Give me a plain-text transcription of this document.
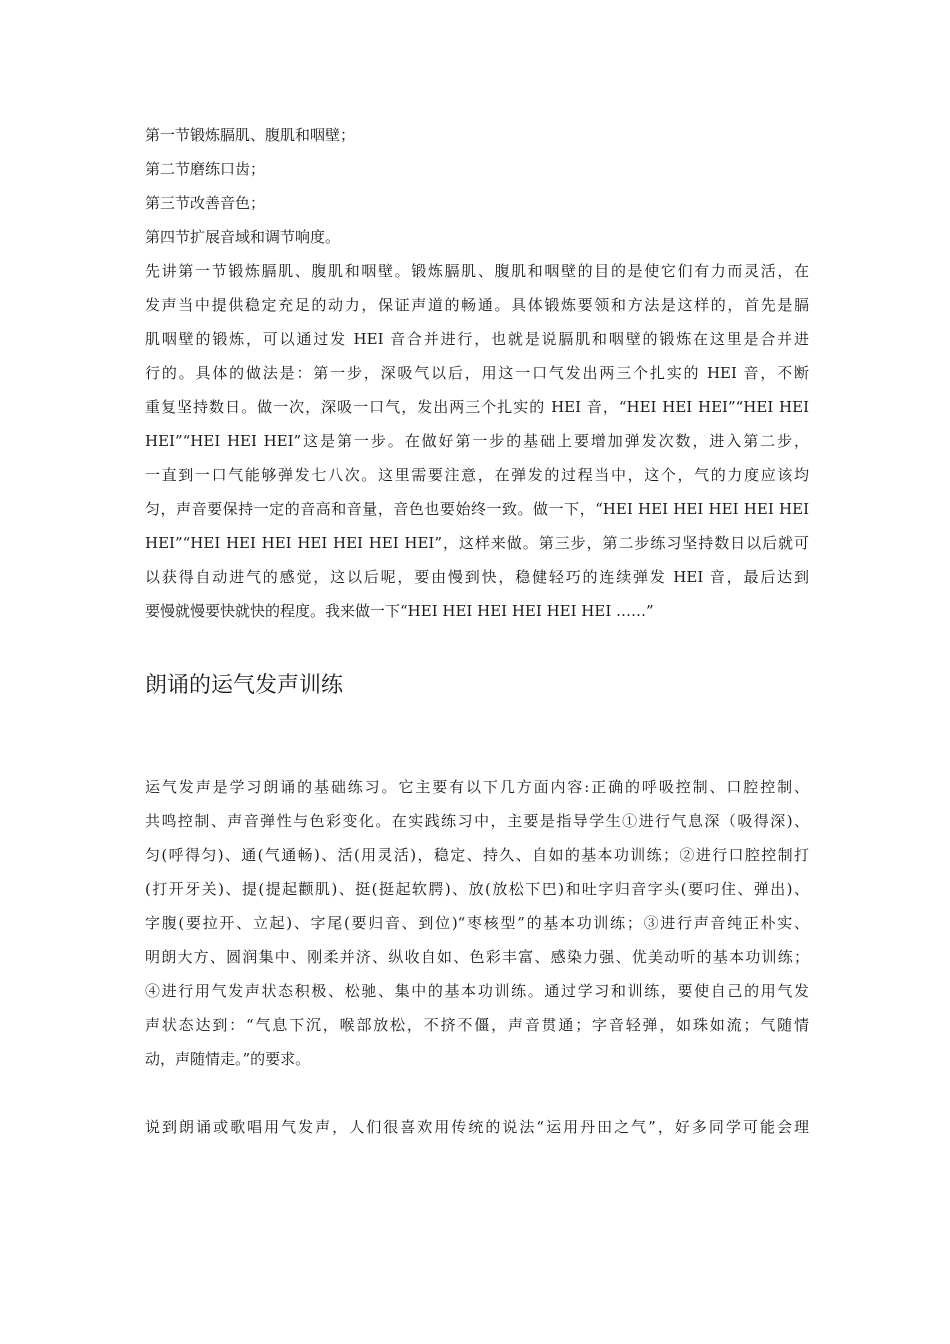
第一节锻炼膈肌、腹肌和咽壁；
第二节磨练口齿；
第三节改善音色；
第四节扩展音域和调节响度。
先讲第一节锻炼膈肌、腹肌和咽壁。锻炼膈肌、腹肌和咽壁的目的是使它们有力而灵活，在
发声当中提供稳定充足的动力，保证声道的畅通。具体锻炼要领和方法是这样的，首先是膈
肌咽壁的锻炼，可以通过发 HEI 音合并进行，也就是说膈肌和咽壁的锻炼在这里是合并进
行的。具体的做法是：第一步，深吸气以后，用这一口气发出两三个扎实的 HEI 音，不断
重复坚持数日。做一次，深吸一口气，发出两三个扎实的 HEI 音，“HEI HEI HEI”“HEI HEI
HEI”“HEI HEI HEI”这是第一步。在做好第一步的基础上要增加弹发次数，进入第二步，
一直到一口气能够弹发七八次。这里需要注意，在弹发的过程当中，这个，气的力度应该均
匀，声音要保持一定的音高和音量，音色也要始终一致。做一下，“HEI HEI HEI HEI HEI HEI
HEI”“HEI HEI HEI HEI HEI HEI HEI”，这样来做。第三步，第二步练习坚持数日以后就可
以获得自动进气的感觉，这以后呢，要由慢到快，稳健轻巧的连续弹发 HEI 音，最后达到
要慢就慢要快就快的程度。我来做一下“HEI HEI HEI HEI HEI HEI ……”
朗诵的运气发声训练
运气发声是学习朗诵的基础练习。它主要有以下几方面内容:正确的呼吸控制、口腔控制、
共鸣控制、声音弹性与色彩变化。在实践练习中，主要是指导学生①进行气息深（吸得深)、
匀(呼得匀)、通(气通畅)、活(用灵活)，稳定、持久、自如的基本功训练；②进行口腔控制打
(打开牙关)、提(提起颧肌)、挺(挺起软腭)、放(放松下巴)和吐字归音字头(要叼住、弹出)、
字腹(要拉开、立起)、字尾(要归音、到位)“枣核型”的基本功训练；③进行声音纯正朴实、
明朗大方、圆润集中、刚柔并济、纵收自如、色彩丰富、感染力强、优美动听的基本功训练；
④进行用气发声状态积极、松驰、集中的基本功训练。通过学习和训练，要使自己的用气发
声状态达到：“气息下沉，喉部放松，不挤不僵，声音贯通；字音轻弹，如珠如流；气随情
动，声随情走。”的要求。
说到朗诵或歌唱用气发声，人们很喜欢用传统的说法“运用丹田之气”，好多同学可能会理
